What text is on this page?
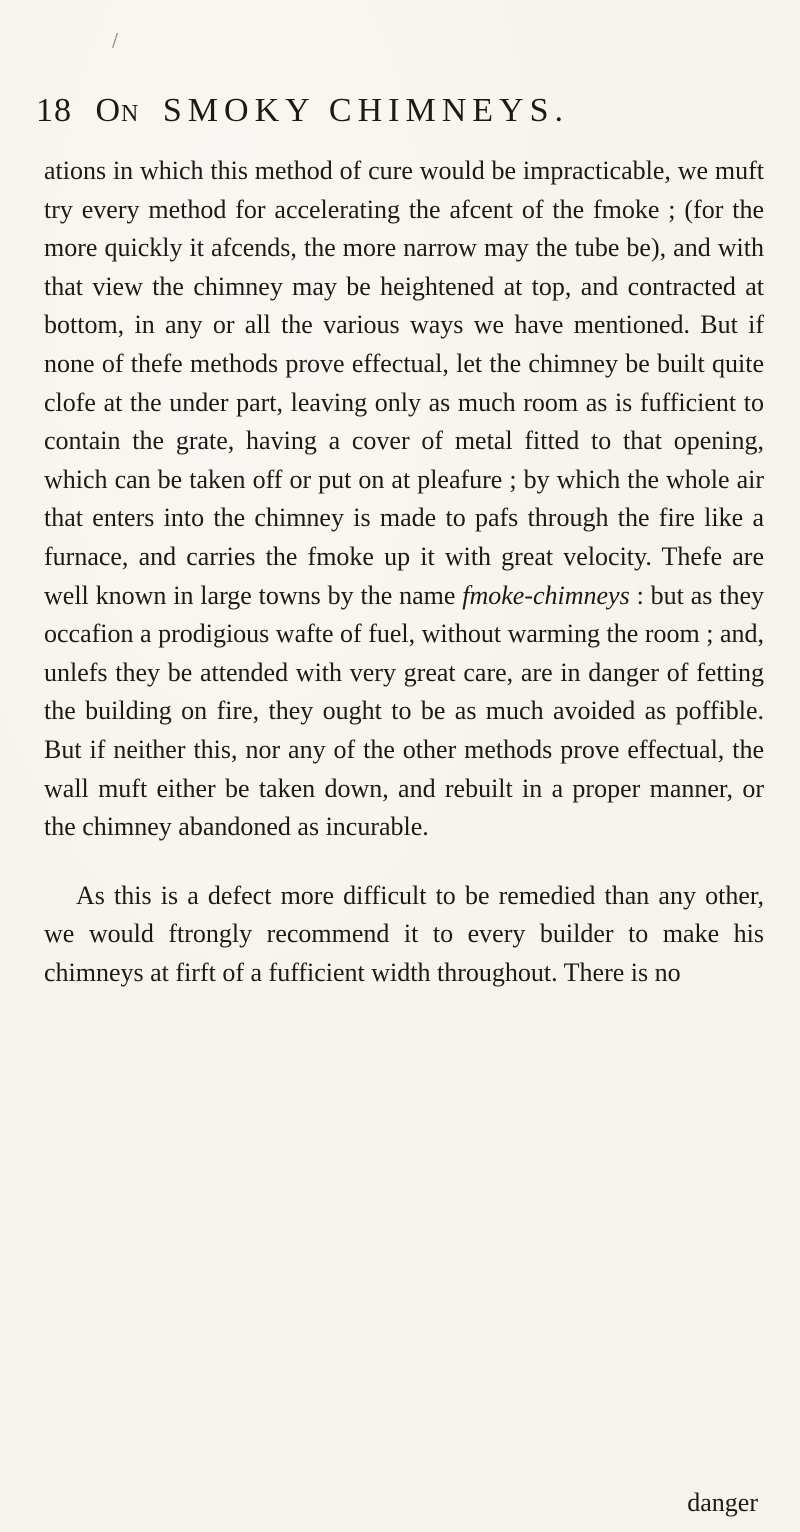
/
18 On SMOKY CHIMNEYS.

ations in which this method of cure would be impracticable, we muft try every method for accelerating the afcent of the fmoke ; (for the more quickly it afcends, the more narrow may the tube be), and with that view the chimney may be heightened at top, and contracted at bottom, in any or all the various ways we have mentioned. But if none of thefe methods prove effectual, let the chimney be built quite clofe at the under part, leaving only as much room as is fufficient to contain the grate, having a cover of metal fitted to that opening, which can be taken off or put on at pleafure ; by which the whole air that enters into the chimney is made to pafs through the fire like a furnace, and carries the fmoke up it with great velocity. Thefe are well known in large towns by the name fmoke-chimneys : but as they occafion a prodigious wafte of fuel, without warming the room ; and, unlefs they be attended with very great care, are in danger of fetting the building on fire, they ought to be as much avoided as poffible. But if neither this, nor any of the other methods prove effectual, the wall muft either be taken down, and rebuilt in a proper manner, or the chimney abandoned as incurable.

As this is a defect more difficult to be remedied than any other, we would ftrongly recommend it to every builder to make his chimneys at firft of a fufficient width throughout. There is no

danger
